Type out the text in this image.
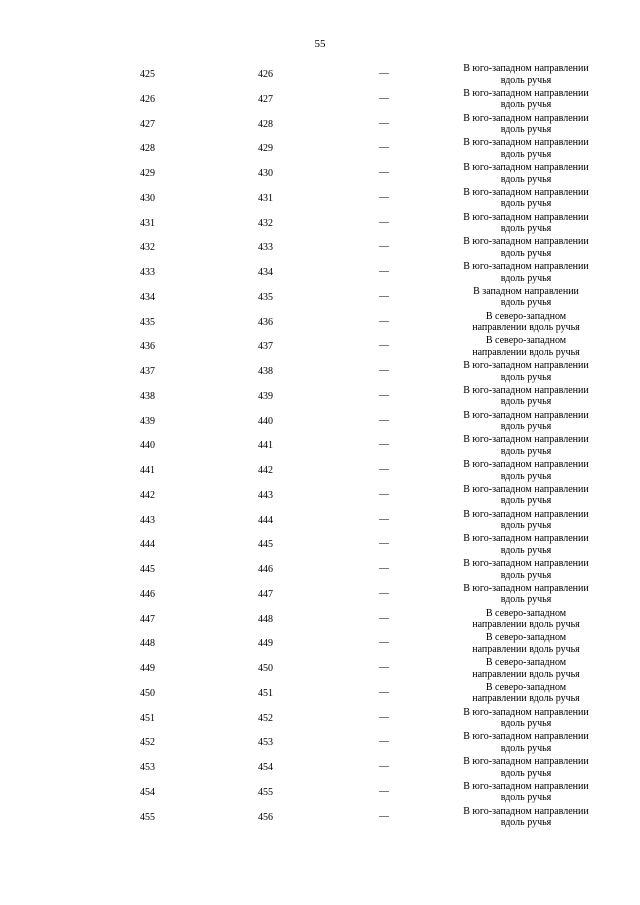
55
425	426	—	В юго-западном направлении
вдоль ручья
426	427	—	В юго-западном направлении
вдоль ручья
427	428	—	В юго-западном направлении
вдоль ручья
428	429	—	В юго-западном направлении
вдоль ручья
429	430	—	В юго-западном направлении
вдоль ручья
430	431	—	В юго-западном направлении
вдоль ручья
431	432	—	В юго-западном направлении
вдоль ручья
432	433	—	В юго-западном направлении
вдоль ручья
433	434	—	В юго-западном направлении
вдоль ручья
434	435	—	В западном направлении
вдоль ручья
435	436	—	В северо-западном
направлении вдоль ручья
436	437	—	В северо-западном
направлении вдоль ручья
437	438	—	В юго-западном направлении
вдоль ручья
438	439	—	В юго-западном направлении
вдоль ручья
439	440	—	В юго-западном направлении
вдоль ручья
440	441	—	В юго-западном направлении
вдоль ручья
441	442	—	В юго-западном направлении
вдоль ручья
442	443	—	В юго-западном направлении
вдоль ручья
443	444	—	В юго-западном направлении
вдоль ручья
444	445	—	В юго-западном направлении
вдоль ручья
445	446	—	В юго-западном направлении
вдоль ручья
446	447	—	В юго-западном направлении
вдоль ручья
447	448	—	В северо-западном
направлении вдоль ручья
448	449	—	В северо-западном
направлении вдоль ручья
449	450	—	В северо-западном
направлении вдоль ручья
450	451	—	В северо-западном
направлении вдоль ручья
451	452	—	В юго-западном направлении
вдоль ручья
452	453	—	В юго-западном направлении
вдоль ручья
453	454	—	В юго-западном направлении
вдоль ручья
454	455	—	В юго-западном направлении
вдоль ручья
455	456	—	В юго-западном направлении
вдоль ручья
